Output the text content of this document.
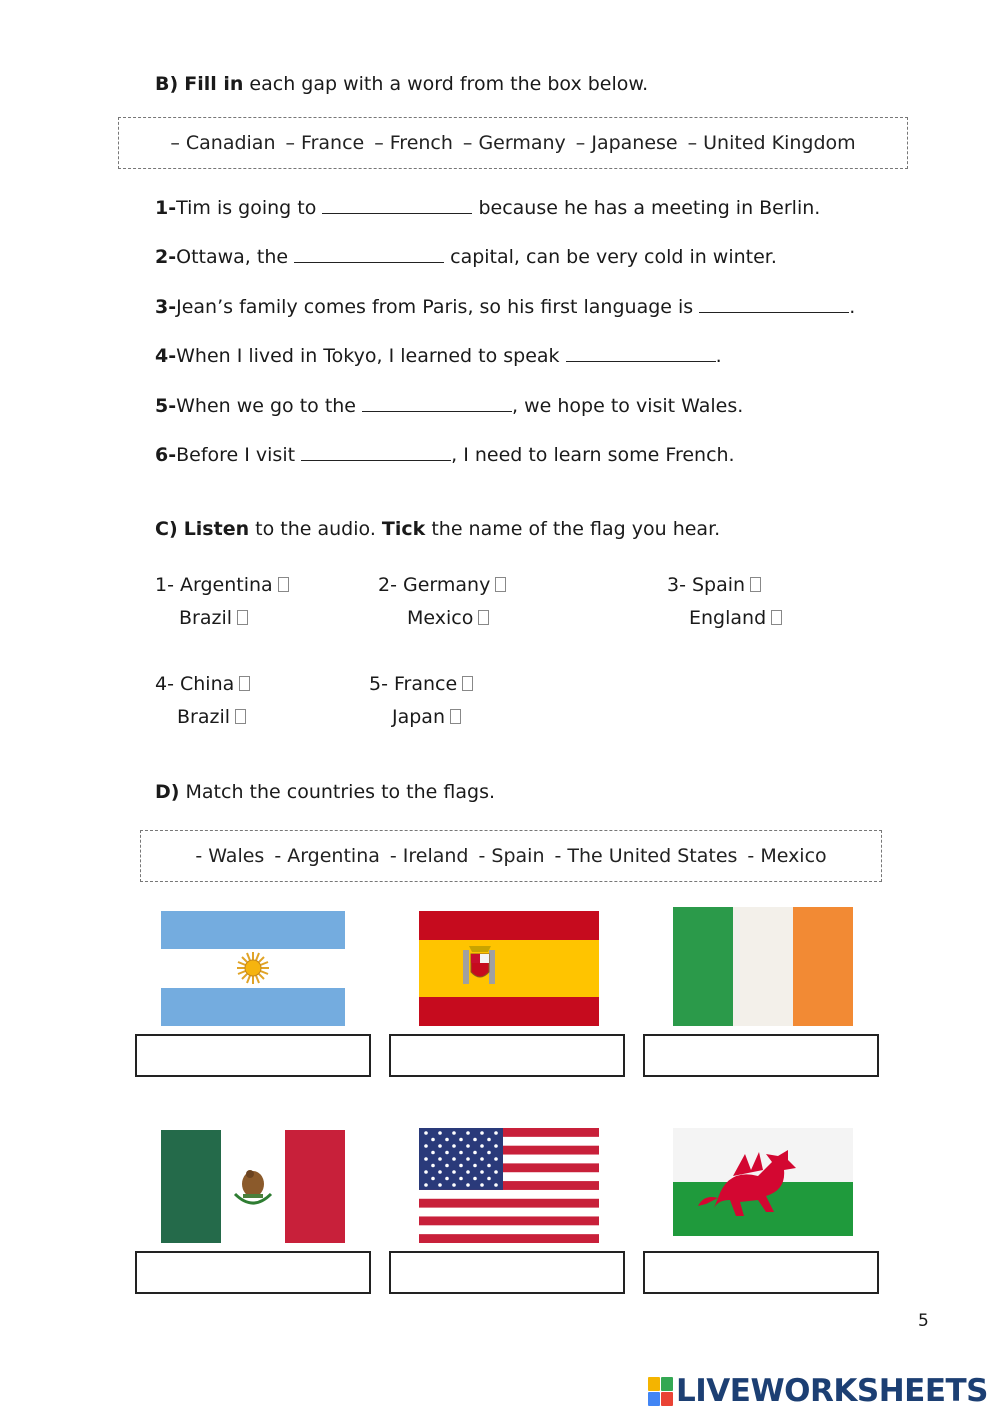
B) Fill in each gap with a word from the box below.
– Canadian – France – French – Germany – Japanese – United Kingdom
1-Tim is going to	because he has a meeting in Berlin.
2-Ottawa, the	capital, can be very cold in winter.
3-Jean’s family comes from Paris, so his first language is	.
4-When I lived in Tokyo, I learned to speak	.
5-When we go to the	, we hope to visit Wales.
6-Before I visit	, I need to learn some French.
C) Listen to the audio. Tick the name of the flag you hear.
1- Argentina
Brazil
2- Germany
Mexico
3- Spain
England
4- China
Brazil
5- France
Japan
D) Match the countries to the flags.
- Wales - Argentina - Ireland - Spain - The United States - Mexico
5
LIVEWORKSHEETS
